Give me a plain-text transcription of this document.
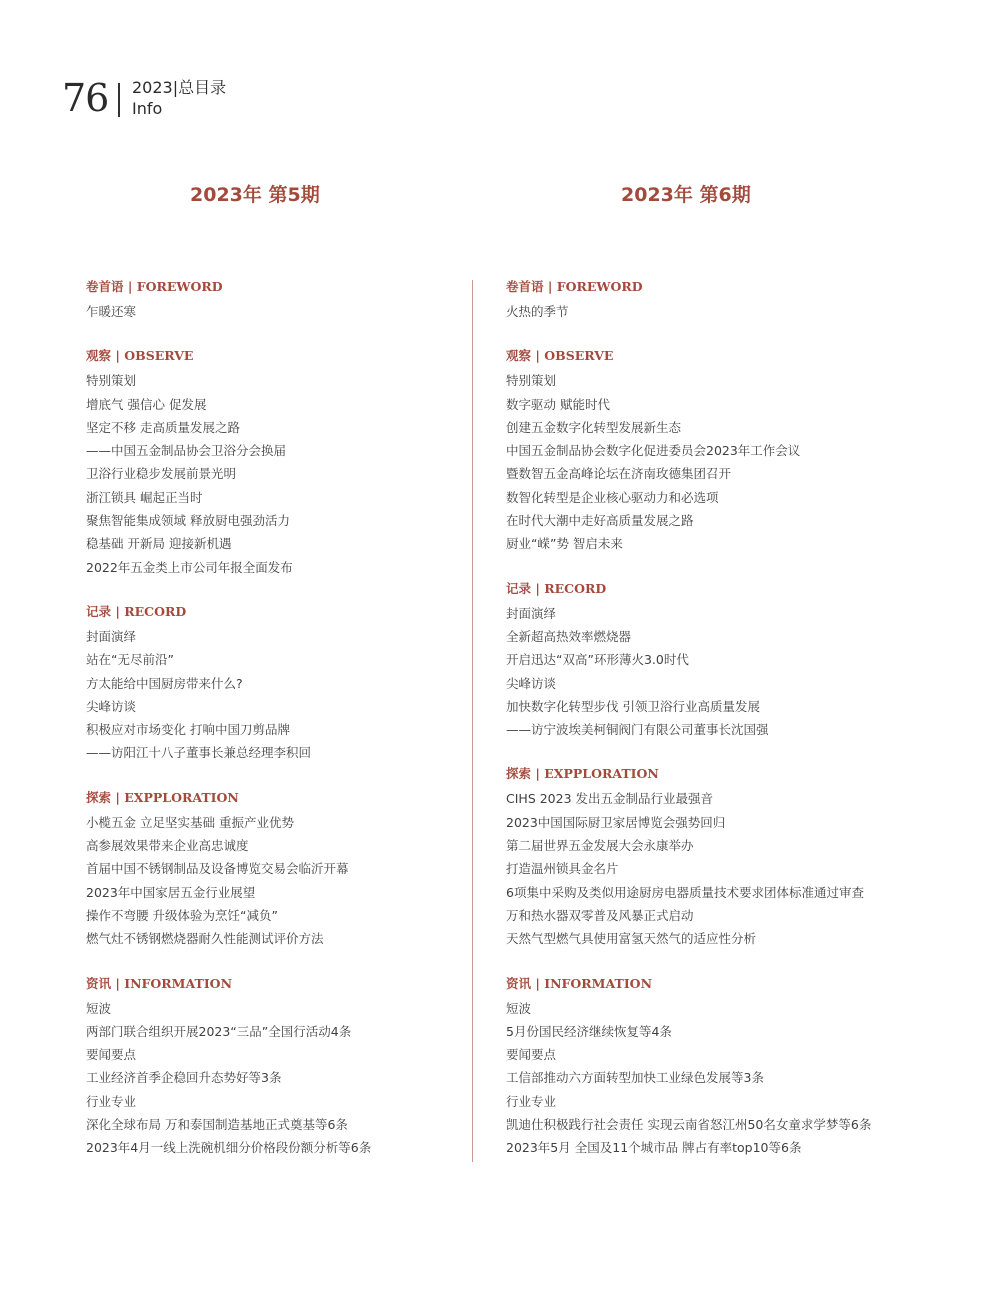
76 2023|总目录
Info
2023年 第5期	2023年 第6期
卷首语 | FOREWORD
乍暖还寒
观察 | OBSERVE
特别策划
增底气 强信心 促发展
坚定不移 走高质量发展之路
——中国五金制品协会卫浴分会换届
卫浴行业稳步发展前景光明
浙江锁具 崛起正当时
聚焦智能集成领域 释放厨电强劲活力
稳基础 开新局 迎接新机遇
2022年五金类上市公司年报全面发布
记录 | RECORD
封面演绎
站在“无尽前沿”
方太能给中国厨房带来什么?
尖峰访谈
积极应对市场变化 打响中国刀剪品牌
——访阳江十八子董事长兼总经理李积回
探索 | EXPPLORATION
小榄五金 立足坚实基础 重振产业优势
高参展效果带来企业高忠诚度
首届中国不锈钢制品及设备博览交易会临沂开幕
2023年中国家居五金行业展望
操作不弯腰 升级体验为烹饪“减负”
燃气灶不锈钢燃烧器耐久性能测试评价方法
资讯 | INFORMATION
短波
两部门联合组织开展2023“三品”全国行活动4条
要闻要点
工业经济首季企稳回升态势好等3条
行业专业
深化全球布局 万和泰国制造基地正式奠基等6条
2023年4月一线上洗碗机细分价格段份额分析等6条
卷首语 | FOREWORD
火热的季节
观察 | OBSERVE
特别策划
数字驱动 赋能时代
创建五金数字化转型发展新生态
中国五金制品协会数字化促进委员会2023年工作会议
暨数智五金高峰论坛在济南玫德集团召开
数智化转型是企业核心驱动力和必选项
在时代大潮中走好高质量发展之路
厨业“嵘”势 智启未来
记录 | RECORD
封面演绎
全新超高热效率燃烧器
开启迅达“双高”环形薄火3.0时代
尖峰访谈
加快数字化转型步伐 引领卫浴行业高质量发展
——访宁波埃美柯铜阀门有限公司董事长沈国强
探索 | EXPPLORATION
CIHS 2023 发出五金制品行业最强音
2023中国国际厨卫家居博览会强势回归
第二届世界五金发展大会永康举办
打造温州锁具金名片
6项集中采购及类似用途厨房电器质量技术要求团体标准通过审查
万和热水器双零普及风暴正式启动
天然气型燃气具使用富氢天然气的适应性分析
资讯 | INFORMATION
短波
5月份国民经济继续恢复等4条
要闻要点
工信部推动六方面转型加快工业绿色发展等3条
行业专业
凯迪仕积极践行社会责任 实现云南省怒江州50名女童求学梦等6条
2023年5月 全国及11个城市品 牌占有率top10等6条
